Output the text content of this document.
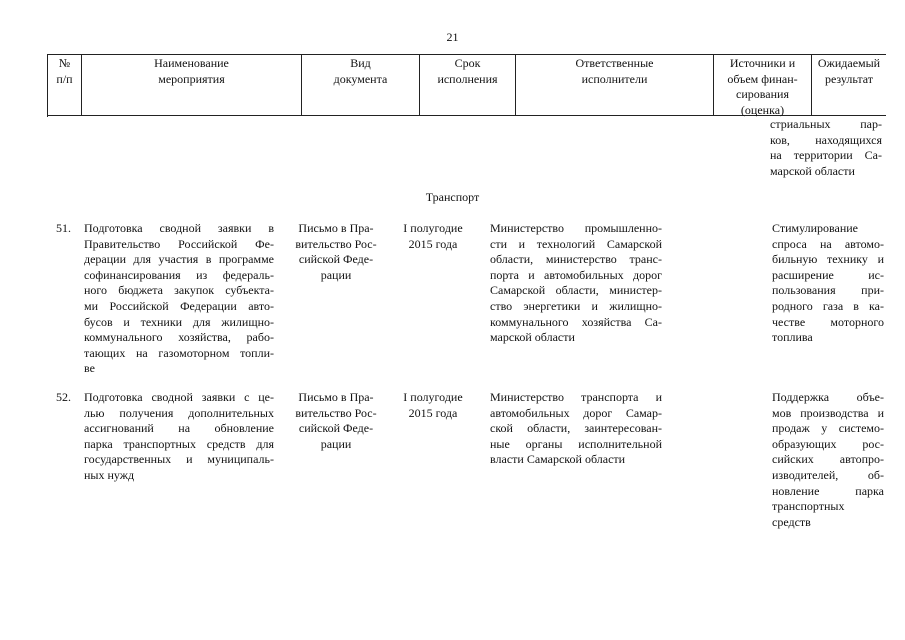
21
№
п/п
Наименование
мероприятия
Вид
документа
Срок
исполнения
Ответственные
исполнители
Источники и
объем финан-
сирования
(оценка)
Ожидаемый
результат
стриальных пар-
ков, находящихся
на территории Са-
марской области
Транспорт
51. Подготовка сводной заявки в
Правительство Российской Фе-
дерации для участия в программе
софинансирования из федераль-
ного бюджета закупок субъекта-
ми Российской Федерации авто-
бусов и техники для жилищно-
коммунального хозяйства, рабо-
тающих на газомоторном топли-
ве
Письмо в Пра-
вительство Рос-
сийской Феде-
рации
I полугодие
2015 года
Министерство промышленно-
сти и технологий Самарской
области, министерство транс-
порта и автомобильных дорог
Самарской области, министер-
ство энергетики и жилищно-
коммунального хозяйства Са-
марской области
Стимулирование
спроса на автомо-
бильную технику и
расширение ис-
пользования при-
родного газа в ка-
честве моторного
топлива
52. Подготовка сводной заявки с це-
лью получения дополнительных
ассигнований на обновление
парка транспортных средств для
государственных и муниципаль-
ных нужд
Письмо в Пра-
вительство Рос-
сийской Феде-
рации
I полугодие
2015 года
Министерство транспорта и
автомобильных дорог Самар-
ской области, заинтересован-
ные органы исполнительной
власти Самарской области
Поддержка объе-
мов производства и
продаж у системо-
образующих рос-
сийских автопро-
изводителей, об-
новление парка
транспортных
средств
